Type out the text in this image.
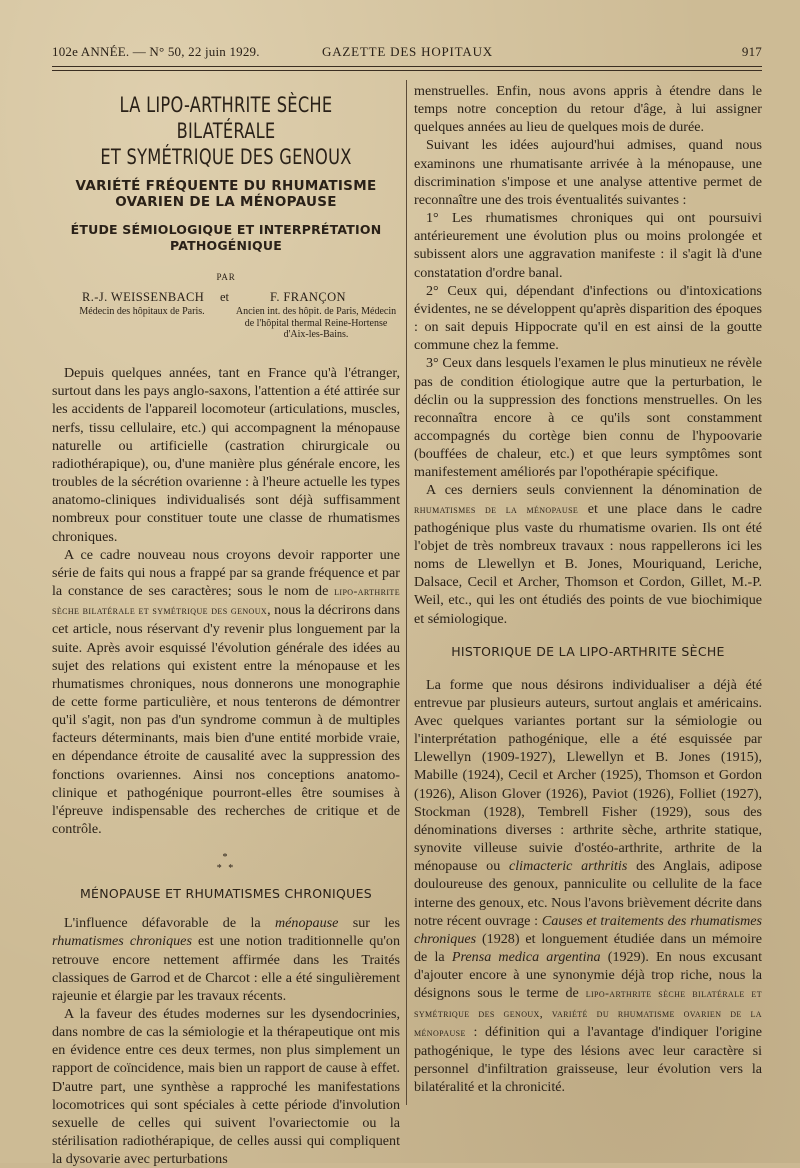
102e ANNÉE. — N° 50, 22 juin 1929.	GAZETTE DES HOPITAUX	917
LA LIPO-ARTHRITE SÈCHE BILATÉRALE
ET SYMÉTRIQUE DES GENOUX
VARIÉTÉ FRÉQUENTE DU RHUMATISME OVARIEN DE LA MÉNOPAUSE
ÉTUDE SÉMIOLOGIQUE ET INTERPRÉTATION PATHOGÉNIQUE
PAR
R.-J. WEISSENBACH et	F. FRANÇON
Médecin des hôpitaux de Paris.	Ancien int. des hôpit. de Paris, Médecin de l'hôpital thermal Reine-Hortense d'Aix-les-Bains.

Depuis quelques années, tant en France qu'à l'étranger, surtout dans les pays anglo-saxons, l'attention a été attirée sur les accidents de l'appareil locomoteur (articulations, muscles, nerfs, tissu cellulaire, etc.) qui accompagnent la ménopause naturelle ou artificielle (castration chirurgicale ou radiothérapique), ou, d'une manière plus générale encore, les troubles de la sécrétion ovarienne : à l'heure actuelle les types anatomo-cliniques individualisés sont déjà suffisamment nombreux pour constituer toute une classe de rhumatismes chroniques.

A ce cadre nouveau nous croyons devoir rapporter une série de faits qui nous a frappé par sa grande fréquence et par la constance de ses caractères; sous le nom de lipo-arthrite sèche bilatérale et symétrique des genoux, nous la décrirons dans cet article, nous réservant d'y revenir plus longuement par la suite. Après avoir esquissé l'évolution générale des idées au sujet des relations qui existent entre la ménopause et les rhumatismes chroniques, nous donnerons une monographie de cette forme particulière, et nous tenterons de démontrer qu'il s'agit, non pas d'un syndrome commun à de multiples facteurs déterminants, mais bien d'une entité morbide vraie, en dépendance étroite de causalité avec la suppression des fonctions ovariennes. Ainsi nos conceptions anatomo-clinique et pathogénique pourront-elles être soumises à l'épreuve indispensable des recherches de critique et de contrôle.

*
* *
MÉNOPAUSE ET RHUMATISMES CHRONIQUES

L'influence défavorable de la ménopause sur les rhumatismes chroniques est une notion traditionnelle qu'on retrouve encore nettement affirmée dans les Traités classiques de Garrod et de Charcot : elle a été singulièrement rajeunie et élargie par les travaux récents.

A la faveur des études modernes sur les dysendocrinies, dans nombre de cas la sémiologie et la thérapeutique ont mis en évidence entre ces deux termes, non plus simplement un rapport de coïncidence, mais bien un rapport de cause à effet. D'autre part, une synthèse a rapproché les manifestations locomotrices qui sont spéciales à cette période d'involution sexuelle de celles qui suivent l'ovariectomie ou la stérilisation radiothérapique, de celles aussi qui compliquent la dysovarie avec perturbations

menstruelles. Enfin, nous avons appris à étendre dans le temps notre conception du retour d'âge, à lui assigner quelques années au lieu de quelques mois de durée.

Suivant les idées aujourd'hui admises, quand nous examinons une rhumatisante arrivée à la ménopause, une discrimination s'impose et une analyse attentive permet de reconnaître une des trois éventualités suivantes :

1° Les rhumatismes chroniques qui ont poursuivi antérieurement une évolution plus ou moins prolongée et subissent alors une aggravation manifeste : il s'agit là d'une constatation d'ordre banal.

2° Ceux qui, dépendant d'infections ou d'intoxications évidentes, ne se développent qu'après disparition des époques : on sait depuis Hippocrate qu'il en est ainsi de la goutte commune chez la femme.

3° Ceux dans lesquels l'examen le plus minutieux ne révèle pas de condition étiologique autre que la perturbation, le déclin ou la suppression des fonctions menstruelles. On les reconnaîtra encore à ce qu'ils sont constamment accompagnés du cortège bien connu de l'hypoovarie (bouffées de chaleur, etc.) et que leurs symptômes sont manifestement améliorés par l'opothérapie spécifique.

A ces derniers seuls conviennent la dénomination de rhumatismes de la ménopause et une place dans le cadre pathogénique plus vaste du rhumatisme ovarien. Ils ont été l'objet de très nombreux travaux : nous rappellerons ici les noms de Llewellyn et B. Jones, Mouriquand, Leriche, Dalsace, Cecil et Archer, Thomson et Cordon, Gillet, M.-P. Weil, etc., qui les ont étudiés des points de vue biochimique et sémiologique.

HISTORIQUE DE LA LIPO-ARTHRITE SÈCHE

La forme que nous désirons individualiser a déjà été entrevue par plusieurs auteurs, surtout anglais et américains. Avec quelques variantes portant sur la sémiologie ou l'interprétation pathogénique, elle a été esquissée par Llewellyn (1909-1927), Llewellyn et B. Jones (1915), Mabille (1924), Cecil et Archer (1925), Thomson et Gordon (1926), Alison Glover (1926), Paviot (1926), Folliet (1927), Stockman (1928), Tembrell Fisher (1929), sous des dénominations diverses : arthrite sèche, arthrite statique, synovite villeuse suivie d'ostéo-arthrite, arthrite de la ménopause ou climacteric arthritis des Anglais, adipose douloureuse des genoux, panniculite ou cellulite de la face interne des genoux, etc. Nous l'avons brièvement décrite dans notre récent ouvrage : Causes et traitements des rhumatismes chroniques (1928) et longuement étudiée dans un mémoire de la Prensa medica argentina (1929). En nous excusant d'ajouter encore à une synonymie déjà trop riche, nous la désignons sous le terme de lipo-arthrite sèche bilatérale et symétrique des genoux, variété du rhumatisme ovarien de la ménopause : définition qui a l'avantage d'indiquer l'origine pathogénique, le type des lésions avec leur caractère si personnel d'infiltration graisseuse, leur évolution vers la bilatéralité et la chronicité.
